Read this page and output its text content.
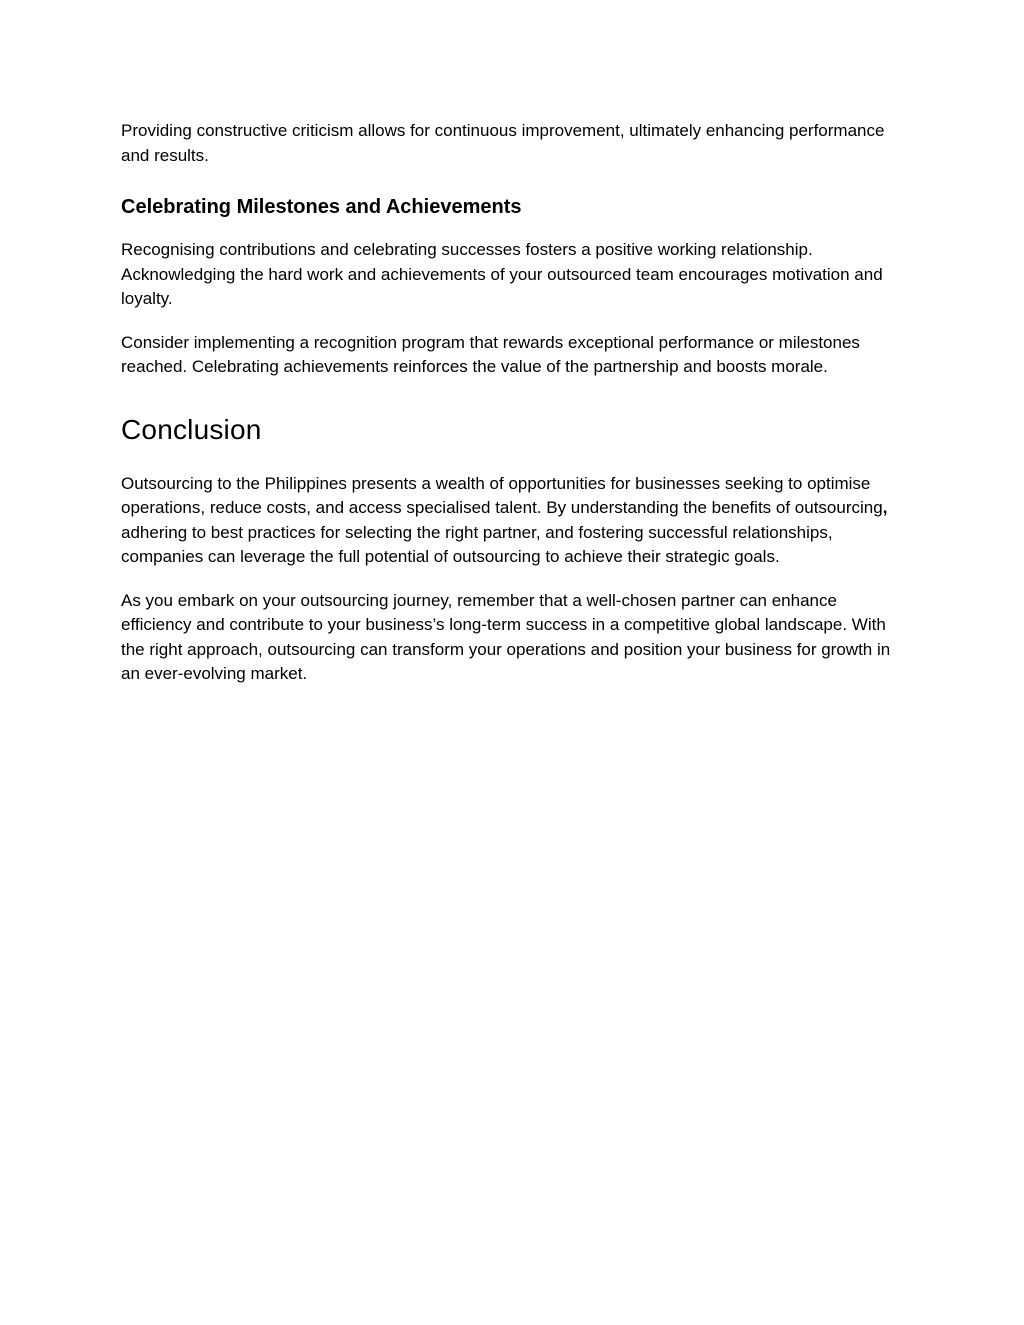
Providing constructive criticism allows for continuous improvement, ultimately enhancing performance and results.

Celebrating Milestones and Achievements

Recognising contributions and celebrating successes fosters a positive working relationship. Acknowledging the hard work and achievements of your outsourced team encourages motivation and loyalty.

Consider implementing a recognition program that rewards exceptional performance or milestones reached. Celebrating achievements reinforces the value of the partnership and boosts morale.

Conclusion

Outsourcing to the Philippines presents a wealth of opportunities for businesses seeking to optimise operations, reduce costs, and access specialised talent. By understanding the benefits of outsourcing, adhering to best practices for selecting the right partner, and fostering successful relationships, companies can leverage the full potential of outsourcing to achieve their strategic goals.

As you embark on your outsourcing journey, remember that a well-chosen partner can enhance efficiency and contribute to your business’s long-term success in a competitive global landscape. With the right approach, outsourcing can transform your operations and position your business for growth in an ever-evolving market.
